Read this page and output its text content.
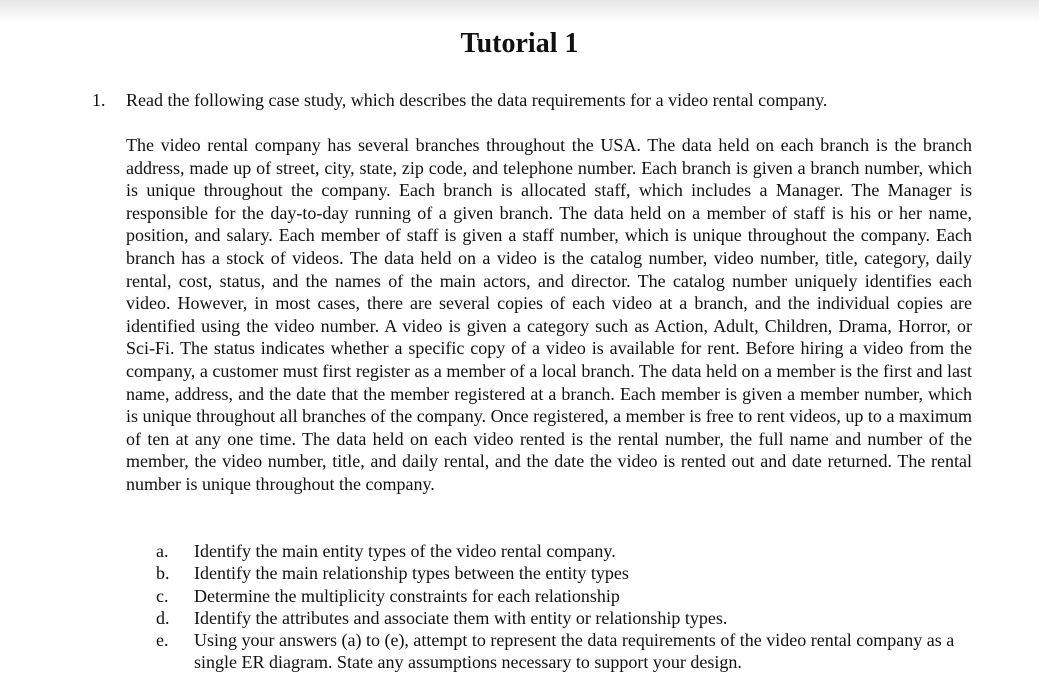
Tutorial 1
1. Read the following case study, which describes the data requirements for a video rental company.

The video rental company has several branches throughout the USA. The data held on each branch is the branch address, made up of street, city, state, zip code, and telephone number. Each branch is given a branch number, which is unique throughout the company. Each branch is allocated staff, which includes a Manager. The Manager is responsible for the day-to-day running of a given branch. The data held on a member of staff is his or her name, position, and salary. Each member of staff is given a staff number, which is unique throughout the company. Each branch has a stock of videos. The data held on a video is the catalog number, video number, title, category, daily rental, cost, status, and the names of the main actors, and director. The catalog number uniquely identifies each video. However, in most cases, there are several copies of each video at a branch, and the individual copies are identified using the video number. A video is given a category such as Action, Adult, Children, Drama, Horror, or Sci-Fi. The status indicates whether a specific copy of a video is available for rent. Before hiring a video from the company, a customer must first register as a member of a local branch. The data held on a member is the first and last name, address, and the date that the member registered at a branch. Each member is given a member number, which is unique throughout all branches of the company. Once registered, a member is free to rent videos, up to a maximum of ten at any one time. The data held on each video rented is the rental number, the full name and number of the member, the video number, title, and daily rental, and the date the video is rented out and date returned. The rental number is unique throughout the company.

a.	Identify the main entity types of the video rental company.
b.	Identify the main relationship types between the entity types
c.	Determine the multiplicity constraints for each relationship
d.	Identify the attributes and associate them with entity or relationship types.
e.	Using your answers (a) to (e), attempt to represent the data requirements of the video rental company as a single ER diagram. State any assumptions necessary to support your design.
